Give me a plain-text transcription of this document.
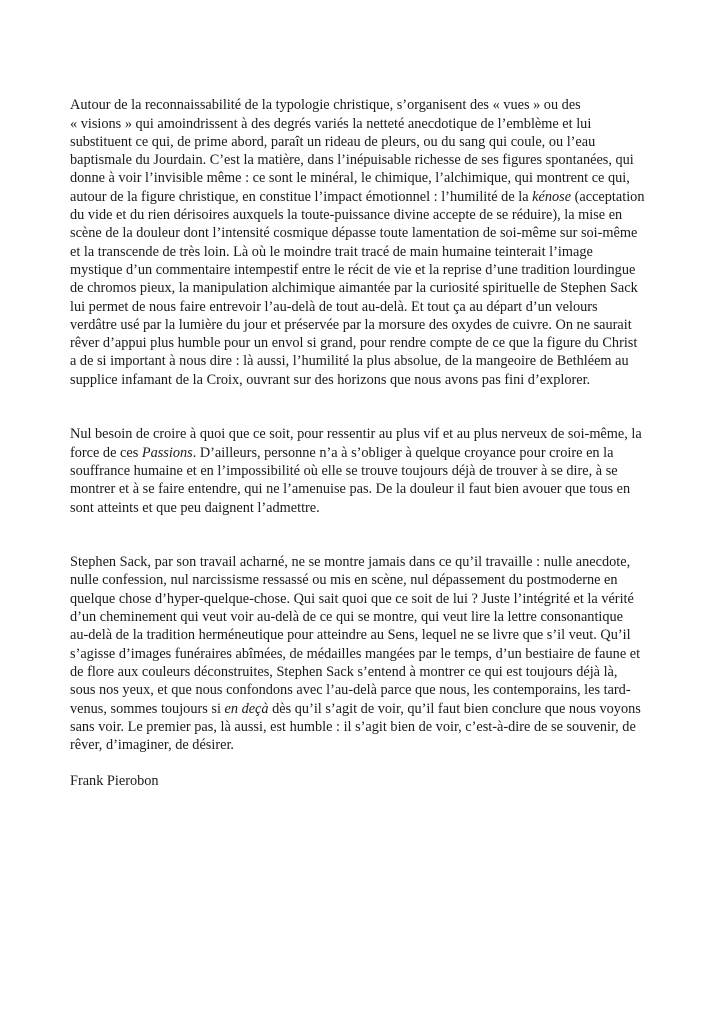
Autour de la reconnaissabilité de la typologie christique, s’organisent des « vues » ou des
« visions » qui amoindrissent à des degrés variés la netteté anecdotique de l’emblème et lui
substituent ce qui, de prime abord, paraît un rideau de pleurs, ou du sang qui coule, ou l’eau
baptismale du Jourdain. C’est la matière, dans l’inépuisable richesse de ses figures spontanées, qui
donne à voir l’invisible même : ce sont le minéral, le chimique, l’alchimique, qui montrent ce qui,
autour de la figure christique, en constitue l’impact émotionnel : l’humilité de la kénose (acceptation
du vide et du rien dérisoires auxquels la toute-puissance divine accepte de se réduire), la mise en
scène de la douleur dont l’intensité cosmique dépasse toute lamentation de soi-même sur soi-même
et la transcende de très loin. Là où le moindre trait tracé de main humaine teinterait l’image
mystique d’un commentaire intempestif entre le récit de vie et la reprise d’une tradition lourdingue
de chromos pieux, la manipulation alchimique aimantée par la curiosité spirituelle de Stephen Sack
lui permet de nous faire entrevoir l’au-delà de tout au-delà. Et tout ça au départ d’un velours
verdâtre usé par la lumière du jour et préservée par la morsure des oxydes de cuivre. On ne saurait
rêver d’appui plus humble pour un envol si grand, pour rendre compte de ce que la figure du Christ
a de si important à nous dire : là aussi, l’humilité la plus absolue, de la mangeoire de Bethléem au
supplice infamant de la Croix, ouvrant sur des horizons que nous avons pas fini d’explorer.

Nul besoin de croire à quoi que ce soit, pour ressentir au plus vif et au plus nerveux de soi-même, la
force de ces Passions. D’ailleurs, personne n’a à s’obliger à quelque croyance pour croire en la
souffrance humaine et en l’impossibilité où elle se trouve toujours déjà de trouver à se dire, à se
montrer et à se faire entendre, qui ne l’amenuise pas. De la douleur il faut bien avouer que tous en
sont atteints et que peu daignent l’admettre.

Stephen Sack, par son travail acharné, ne se montre jamais dans ce qu’il travaille : nulle anecdote,
nulle confession, nul narcissisme ressassé ou mis en scène, nul dépassement du postmoderne en
quelque chose d’hyper-quelque-chose. Qui sait quoi que ce soit de lui ? Juste l’intégrité et la vérité
d’un cheminement qui veut voir au-delà de ce qui se montre, qui veut lire la lettre consonantique
au-delà de la tradition herméneutique pour atteindre au Sens, lequel ne se livre que s’il veut. Qu’il
s’agisse d’images funéraires abîmées, de médailles mangées par le temps, d’un bestiaire de faune et
de flore aux couleurs déconstruites, Stephen Sack s’entend à montrer ce qui est toujours déjà là,
sous nos yeux, et que nous confondons avec l’au-delà parce que nous, les contemporains, les tard-
venus, sommes toujours si en deçà dès qu’il s’agit de voir, qu’il faut bien conclure que nous voyons
sans voir. Le premier pas, là aussi, est humble : il s’agit bien de voir, c’est-à-dire de se souvenir, de
rêver, d’imaginer, de désirer.

Frank Pierobon
